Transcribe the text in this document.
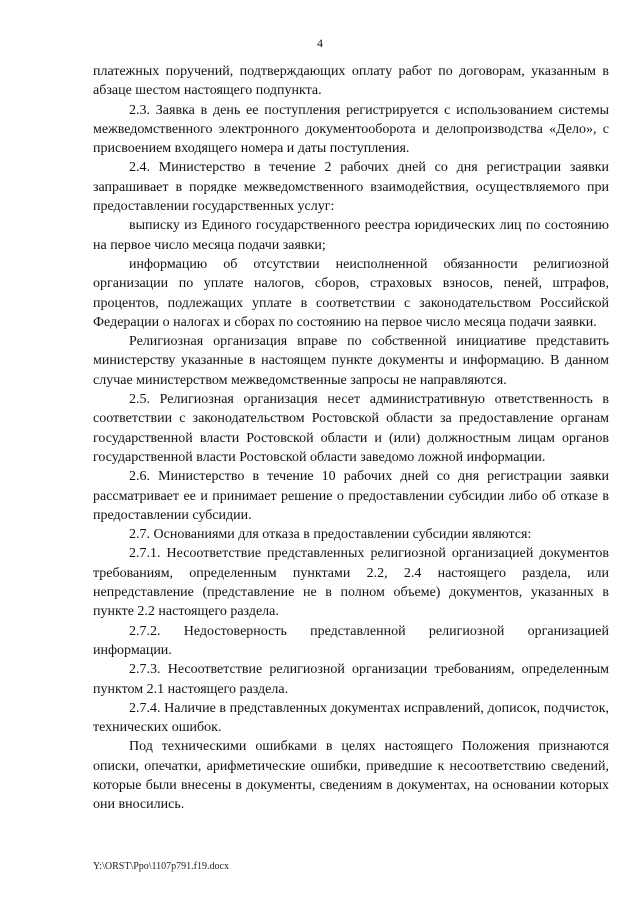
4

платежных поручений, подтверждающих оплату работ по договорам, указанным в абзаце шестом настоящего подпункта.

2.3. Заявка в день ее поступления регистрируется с использованием системы межведомственного электронного документооборота и делопроизводства «Дело», с присвоением входящего номера и даты поступления.

2.4. Министерство в течение 2 рабочих дней со дня регистрации заявки запрашивает в порядке межведомственного взаимодействия, осуществляемого при предоставлении государственных услуг:

выписку из Единого государственного реестра юридических лиц по состоянию на первое число месяца подачи заявки;

информацию об отсутствии неисполненной обязанности религиозной организации по уплате налогов, сборов, страховых взносов, пеней, штрафов, процентов, подлежащих уплате в соответствии с законодательством Российской Федерации о налогах и сборах по состоянию на первое число месяца подачи заявки.

Религиозная организация вправе по собственной инициативе представить министерству указанные в настоящем пункте документы и информацию. В данном случае министерством межведомственные запросы не направляются.

2.5. Религиозная организация несет административную ответственность в соответствии с законодательством Ростовской области за предоставление органам государственной власти Ростовской области и (или) должностным лицам органов государственной власти Ростовской области заведомо ложной информации.

2.6. Министерство в течение 10 рабочих дней со дня регистрации заявки рассматривает ее и принимает решение о предоставлении субсидии либо об отказе в предоставлении субсидии.

2.7. Основаниями для отказа в предоставлении субсидии являются:

2.7.1. Несоответствие представленных религиозной организацией документов требованиям, определенным пунктами 2.2, 2.4 настоящего раздела, или непредставление (представление не в полном объеме) документов, указанных в пункте 2.2 настоящего раздела.

2.7.2. Недостоверность представленной религиозной организацией информации.

2.7.3. Несоответствие религиозной организации требованиям, определенным пунктом 2.1 настоящего раздела.

2.7.4. Наличие в представленных документах исправлений, дописок, подчисток, технических ошибок.

Под техническими ошибками в целях настоящего Положения признаются описки, опечатки, арифметические ошибки, приведшие к несоответствию сведений, которые были внесены в документы, сведениям в документах, на основании которых они вносились.

Y:\ORST\Ppo\1107p791.f19.docx
